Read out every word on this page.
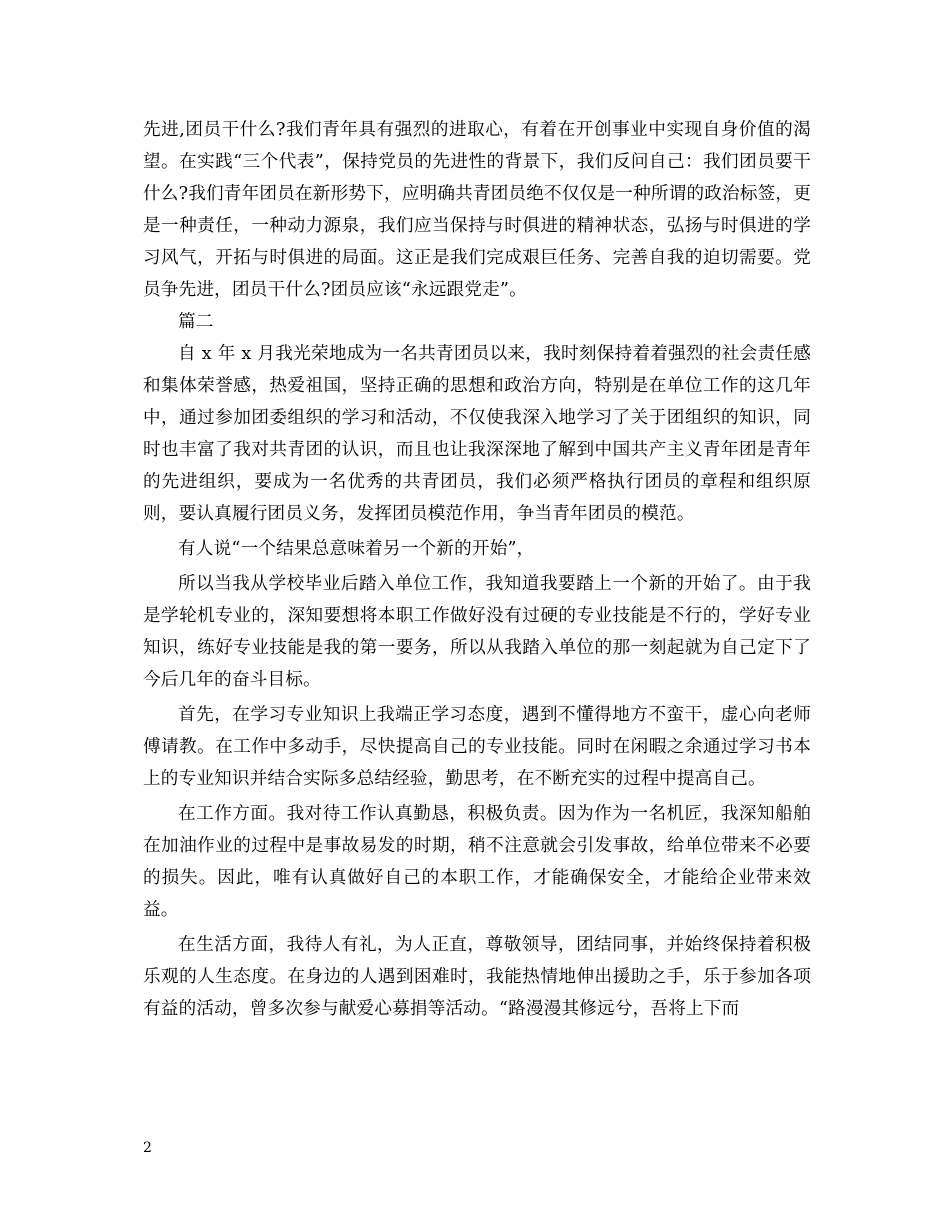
先进,团员干什么?我们青年具有强烈的进取心，有着在开创事业中实现自身价值的渴望。在实践“三个代表”，保持党员的先进性的背景下，我们反问自己：我们团员要干什么?我们青年团员在新形势下，应明确共青团员绝不仅仅是一种所谓的政治标签，更是一种责任，一种动力源泉，我们应当保持与时俱进的精神状态，弘扬与时俱进的学习风气，开拓与时俱进的局面。这正是我们完成艰巨任务、完善自我的迫切需要。党员争先进，团员干什么?团员应该“永远跟党走”。

篇二

自 x 年 x 月我光荣地成为一名共青团员以来，我时刻保持着着强烈的社会责任感和集体荣誉感，热爱祖国，坚持正确的思想和政治方向，特别是在单位工作的这几年中，通过参加团委组织的学习和活动，不仅使我深入地学习了关于团组织的知识，同时也丰富了我对共青团的认识，而且也让我深深地了解到中国共产主义青年团是青年的先进组织，要成为一名优秀的共青团员，我们必须严格执行团员的章程和组织原则，要认真履行团员义务，发挥团员模范作用，争当青年团员的模范。

有人说“一个结果总意味着另一个新的开始”，

所以当我从学校毕业后踏入单位工作，我知道我要踏上一个新的开始了。由于我是学轮机专业的，深知要想将本职工作做好没有过硬的专业技能是不行的，学好专业知识，练好专业技能是我的第一要务，所以从我踏入单位的那一刻起就为自己定下了今后几年的奋斗目标。

首先，在学习专业知识上我端正学习态度，遇到不懂得地方不蛮干，虚心向老师傅请教。在工作中多动手，尽快提高自己的专业技能。同时在闲暇之余通过学习书本上的专业知识并结合实际多总结经验，勤思考，在不断充实的过程中提高自己。

在工作方面。我对待工作认真勤恳，积极负责。因为作为一名机匠，我深知船舶在加油作业的过程中是事故易发的时期，稍不注意就会引发事故，给单位带来不必要的损失。因此，唯有认真做好自己的本职工作，才能确保安全，才能给企业带来效益。

在生活方面，我待人有礼，为人正直，尊敬领导，团结同事，并始终保持着积极乐观的人生态度。在身边的人遇到困难时，我能热情地伸出援助之手，乐于参加各项有益的活动，曾多次参与献爱心募捐等活动。“路漫漫其修远兮，吾将上下而

2
